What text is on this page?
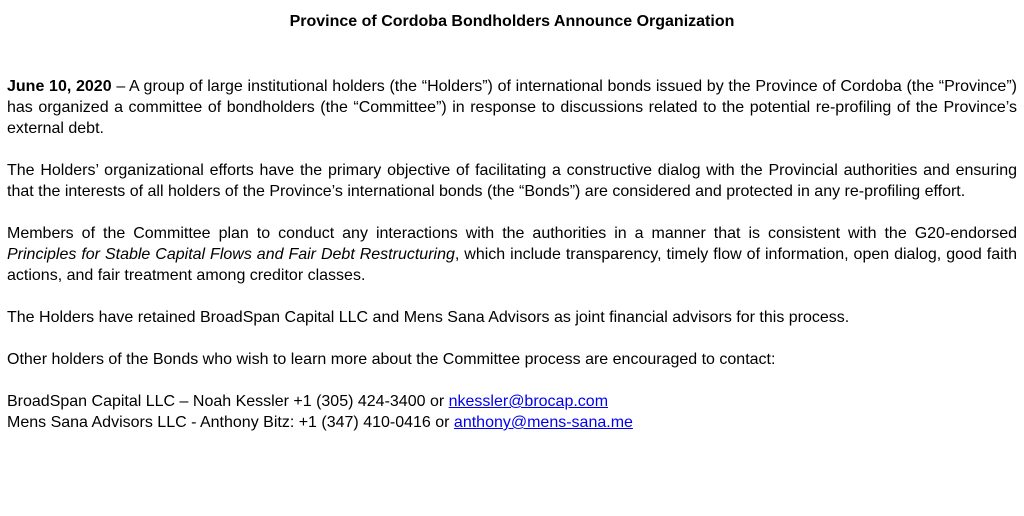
Province of Cordoba Bondholders Announce Organization

June 10, 2020 – A group of large institutional holders (the “Holders”) of international bonds issued by the Province of Cordoba (the “Province”) has organized a committee of bondholders (the “Committee”) in response to discussions related to the potential re-profiling of the Province’s external debt.

The Holders’ organizational efforts have the primary objective of facilitating a constructive dialog with the Provincial authorities and ensuring that the interests of all holders of the Province’s international bonds (the “Bonds”) are considered and protected in any re-profiling effort.

Members of the Committee plan to conduct any interactions with the authorities in a manner that is consistent with the G20-endorsed Principles for Stable Capital Flows and Fair Debt Restructuring, which include transparency, timely flow of information, open dialog, good faith actions, and fair treatment among creditor classes.

The Holders have retained BroadSpan Capital LLC and Mens Sana Advisors as joint financial advisors for this process.

Other holders of the Bonds who wish to learn more about the Committee process are encouraged to contact:

BroadSpan Capital LLC – Noah Kessler +1 (305) 424-3400 or nkessler@brocap.com

Mens Sana Advisors LLC - Anthony Bitz: +1 (347) 410-0416 or anthony@mens-sana.me
